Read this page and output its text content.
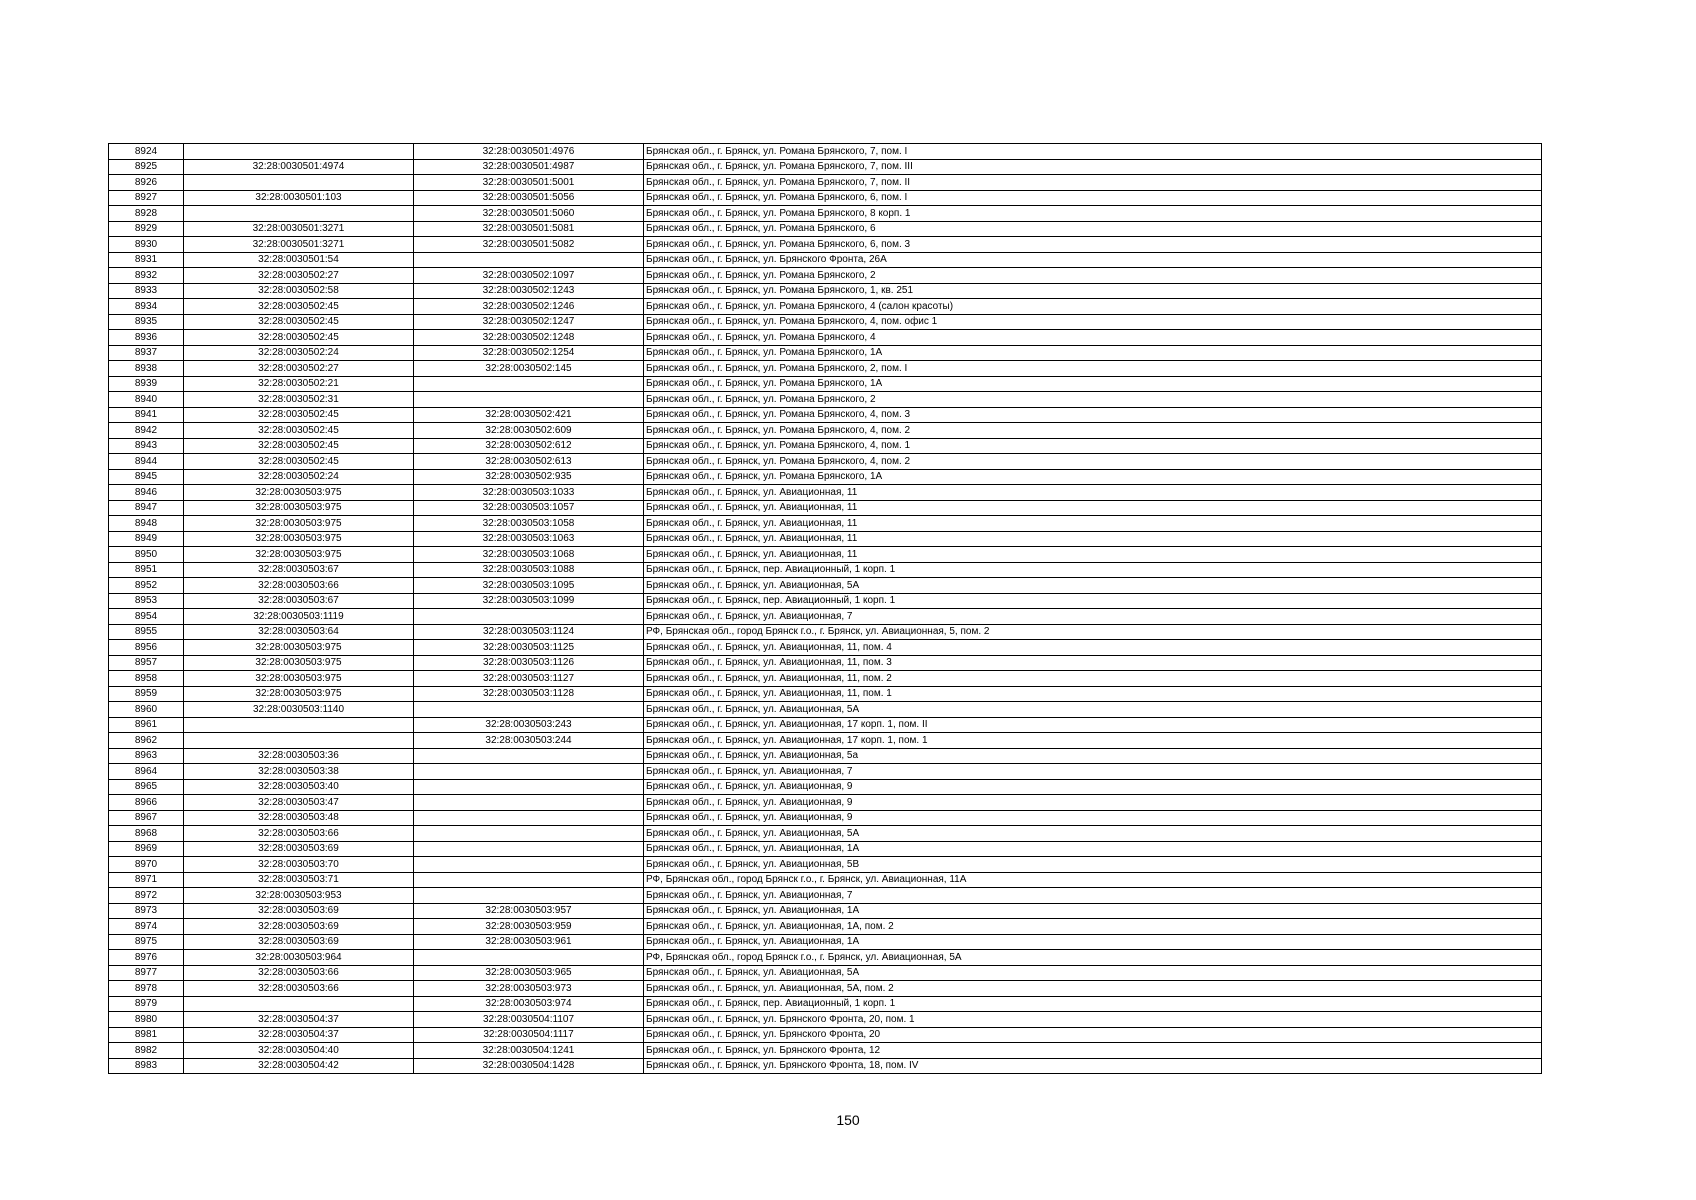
8924		32:28:0030501:4976	Брянская обл., г. Брянск, ул. Романа Брянского, 7, пом. I
8925	32:28:0030501:4974	32:28:0030501:4987	Брянская обл., г. Брянск, ул. Романа Брянского, 7, пом. III
8926		32:28:0030501:5001	Брянская обл., г. Брянск, ул. Романа Брянского, 7, пом. II
8927	32:28:0030501:103	32:28:0030501:5056	Брянская обл., г. Брянск, ул. Романа Брянского, 6, пом. I
8928		32:28:0030501:5060	Брянская обл., г. Брянск, ул. Романа Брянского, 8 корп. 1
8929	32:28:0030501:3271	32:28:0030501:5081	Брянская обл., г. Брянск, ул. Романа Брянского, 6
8930	32:28:0030501:3271	32:28:0030501:5082	Брянская обл., г. Брянск, ул. Романа Брянского, 6, пом. 3
8931	32:28:0030501:54		Брянская обл., г. Брянск, ул. Брянского Фронта, 26А
8932	32:28:0030502:27	32:28:0030502:1097	Брянская обл., г. Брянск, ул. Романа Брянского, 2
8933	32:28:0030502:58	32:28:0030502:1243	Брянская обл., г. Брянск, ул. Романа Брянского, 1, кв. 251
8934	32:28:0030502:45	32:28:0030502:1246	Брянская обл., г. Брянск, ул. Романа Брянского, 4 (салон красоты)
8935	32:28:0030502:45	32:28:0030502:1247	Брянская обл., г. Брянск, ул. Романа Брянского, 4, пом. офис 1
8936	32:28:0030502:45	32:28:0030502:1248	Брянская обл., г. Брянск, ул. Романа Брянского, 4
8937	32:28:0030502:24	32:28:0030502:1254	Брянская обл., г. Брянск, ул. Романа Брянского, 1А
8938	32:28:0030502:27	32:28:0030502:145	Брянская обл., г. Брянск, ул. Романа Брянского, 2, пом. I
8939	32:28:0030502:21		Брянская обл., г. Брянск, ул. Романа Брянского, 1А
8940	32:28:0030502:31		Брянская обл., г. Брянск, ул. Романа Брянского, 2
8941	32:28:0030502:45	32:28:0030502:421	Брянская обл., г. Брянск, ул. Романа Брянского, 4, пом. 3
8942	32:28:0030502:45	32:28:0030502:609	Брянская обл., г. Брянск, ул. Романа Брянского, 4, пом. 2
8943	32:28:0030502:45	32:28:0030502:612	Брянская обл., г. Брянск, ул. Романа Брянского, 4, пом. 1
8944	32:28:0030502:45	32:28:0030502:613	Брянская обл., г. Брянск, ул. Романа Брянского, 4, пом. 2
8945	32:28:0030502:24	32:28:0030502:935	Брянская обл., г. Брянск, ул. Романа Брянского, 1А
8946	32:28:0030503:975	32:28:0030503:1033	Брянская обл., г. Брянск, ул. Авиационная, 11
8947	32:28:0030503:975	32:28:0030503:1057	Брянская обл., г. Брянск, ул. Авиационная, 11
8948	32:28:0030503:975	32:28:0030503:1058	Брянская обл., г. Брянск, ул. Авиационная, 11
8949	32:28:0030503:975	32:28:0030503:1063	Брянская обл., г. Брянск, ул. Авиационная, 11
8950	32:28:0030503:975	32:28:0030503:1068	Брянская обл., г. Брянск, ул. Авиационная, 11
8951	32:28:0030503:67	32:28:0030503:1088	Брянская обл., г. Брянск, пер. Авиационный, 1 корп. 1
8952	32:28:0030503:66	32:28:0030503:1095	Брянская обл., г. Брянск, ул. Авиационная, 5А
8953	32:28:0030503:67	32:28:0030503:1099	Брянская обл., г. Брянск, пер. Авиационный, 1 корп. 1
8954	32:28:0030503:1119		Брянская обл., г. Брянск, ул. Авиационная, 7
8955	32:28:0030503:64	32:28:0030503:1124	РФ, Брянская обл., город Брянск г.о., г. Брянск, ул. Авиационная, 5, пом. 2
8956	32:28:0030503:975	32:28:0030503:1125	Брянская обл., г. Брянск, ул. Авиационная, 11, пом. 4
8957	32:28:0030503:975	32:28:0030503:1126	Брянская обл., г. Брянск, ул. Авиационная, 11, пом. 3
8958	32:28:0030503:975	32:28:0030503:1127	Брянская обл., г. Брянск, ул. Авиационная, 11, пом. 2
8959	32:28:0030503:975	32:28:0030503:1128	Брянская обл., г. Брянск, ул. Авиационная, 11, пом. 1
8960	32:28:0030503:1140		Брянская обл., г. Брянск, ул. Авиационная, 5А
8961		32:28:0030503:243	Брянская обл., г. Брянск, ул. Авиационная, 17 корп. 1, пом. II
8962		32:28:0030503:244	Брянская обл., г. Брянск, ул. Авиационная, 17 корп. 1, пом. 1
8963	32:28:0030503:36		Брянская обл., г. Брянск, ул. Авиационная, 5а
8964	32:28:0030503:38		Брянская обл., г. Брянск, ул. Авиационная, 7
8965	32:28:0030503:40		Брянская обл., г. Брянск, ул. Авиационная, 9
8966	32:28:0030503:47		Брянская обл., г. Брянск, ул. Авиационная, 9
8967	32:28:0030503:48		Брянская обл., г. Брянск, ул. Авиационная, 9
8968	32:28:0030503:66		Брянская обл., г. Брянск, ул. Авиационная, 5А
8969	32:28:0030503:69		Брянская обл., г. Брянск, ул. Авиационная, 1А
8970	32:28:0030503:70		Брянская обл., г. Брянск, ул. Авиационная, 5В
8971	32:28:0030503:71		РФ, Брянская обл., город Брянск г.о., г. Брянск, ул. Авиационная, 11А
8972	32:28:0030503:953		Брянская обл., г. Брянск, ул. Авиационная, 7
8973	32:28:0030503:69	32:28:0030503:957	Брянская обл., г. Брянск, ул. Авиационная, 1А
8974	32:28:0030503:69	32:28:0030503:959	Брянская обл., г. Брянск, ул. Авиационная, 1А, пом. 2
8975	32:28:0030503:69	32:28:0030503:961	Брянская обл., г. Брянск, ул. Авиационная, 1А
8976	32:28:0030503:964		РФ, Брянская обл., город Брянск г.о., г. Брянск, ул. Авиационная, 5А
8977	32:28:0030503:66	32:28:0030503:965	Брянская обл., г. Брянск, ул. Авиационная, 5А
8978	32:28:0030503:66	32:28:0030503:973	Брянская обл., г. Брянск, ул. Авиационная, 5А, пом. 2
8979		32:28:0030503:974	Брянская обл., г. Брянск, пер. Авиационный, 1 корп. 1
8980	32:28:0030504:37	32:28:0030504:1107	Брянская обл., г. Брянск, ул. Брянского Фронта, 20, пом. 1
8981	32:28:0030504:37	32:28:0030504:1117	Брянская обл., г. Брянск, ул. Брянского Фронта, 20
8982	32:28:0030504:40	32:28:0030504:1241	Брянская обл., г. Брянск, ул. Брянского Фронта, 12
8983	32:28:0030504:42	32:28:0030504:1428	Брянская обл., г. Брянск, ул. Брянского Фронта, 18, пом. IV
150
